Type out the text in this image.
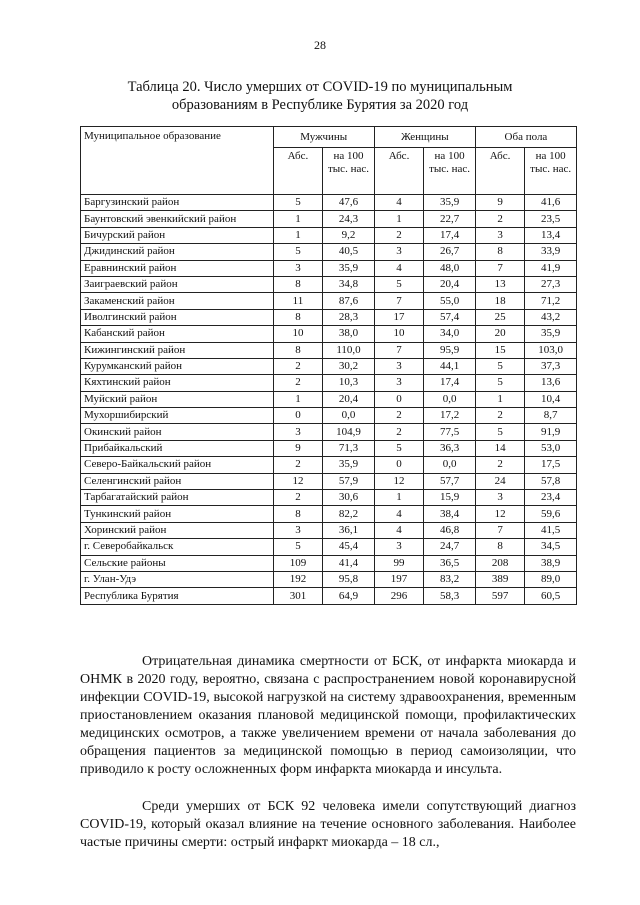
28
Таблица 20. Число умерших от COVID-19 по муниципальным
образованиям в Республике Бурятия за 2020 год
Муниципальное образование	Мужчины		Женщины		Оба пола	
	Абс.	на 100 тыс. нас.	Абс.	на 100 тыс. нас.	Абс.	на 100 тыс. нас.
Баргузинский район	5	47,6	4	35,9	9	41,6
Баунтовский эвенкийский район	1	24,3	1	22,7	2	23,5
Бичурский район	1	9,2	2	17,4	3	13,4
Джидинский район	5	40,5	3	26,7	8	33,9
Еравнинский район	3	35,9	4	48,0	7	41,9
Заиграевский район	8	34,8	5	20,4	13	27,3
Закаменский район	11	87,6	7	55,0	18	71,2
Иволгинский район	8	28,3	17	57,4	25	43,2
Кабанский район	10	38,0	10	34,0	20	35,9
Кижингинский район	8	110,0	7	95,9	15	103,0
Курумканский район	2	30,2	3	44,1	5	37,3
Кяхтинский район	2	10,3	3	17,4	5	13,6
Муйский район	1	20,4	0	0,0	1	10,4
Мухоршибирский	0	0,0	2	17,2	2	8,7
Окинский район	3	104,9	2	77,5	5	91,9
Прибайкальский	9	71,3	5	36,3	14	53,0
Северо-Байкальский район	2	35,9	0	0,0	2	17,5
Селенгинский район	12	57,9	12	57,7	24	57,8
Тарбагатайский район	2	30,6	1	15,9	3	23,4
Тункинский район	8	82,2	4	38,4	12	59,6
Хоринский район	3	36,1	4	46,8	7	41,5
г. Северобайкальск	5	45,4	3	24,7	8	34,5
Сельские районы	109	41,4	99	36,5	208	38,9
г. Улан-Удэ	192	95,8	197	83,2	389	89,0
Республика Бурятия	301	64,9	296	58,3	597	60,5

Отрицательная динамика смертности от БСК, от инфаркта миокарда и ОНМК в 2020 году, вероятно, связана с распространением новой коронавирусной инфекции COVID-19, высокой нагрузкой на систему здравоохранения, временным приостановлением оказания плановой медицинской помощи, профилактических медицинских осмотров, а также увеличением времени от начала заболевания до обращения пациентов за медицинской помощью в период самоизоляции, что приводило к росту осложненных форм инфаркта миокарда и инсульта.

Среди умерших от БСК 92 человека имели сопутствующий диагноз COVID-19, который оказал влияние на течение основного заболевания. Наиболее частые причины смерти: острый инфаркт миокарда – 18 сл.,
